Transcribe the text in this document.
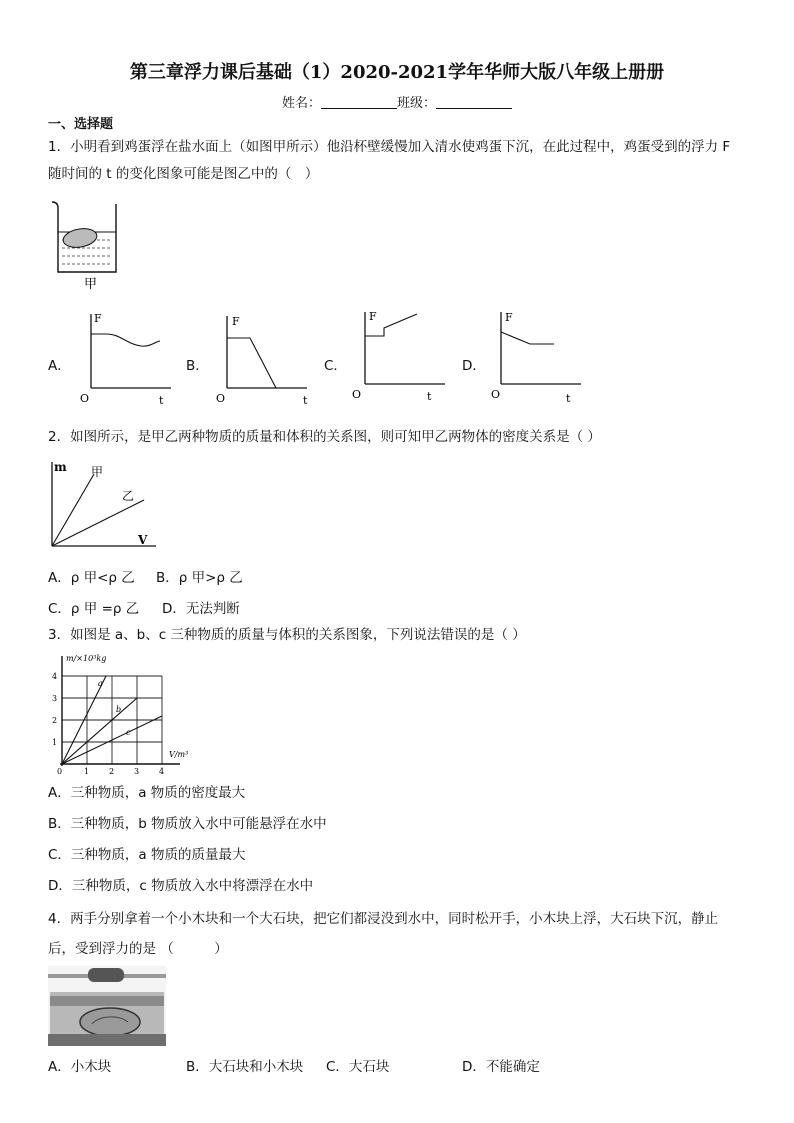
第三章浮力课后基础（1）2020-2021学年华师大版八年级上册册
姓名：	班级：
一、选择题
1．小明看到鸡蛋浮在盐水面上（如图甲所示）他沿杯壁缓慢加入清水使鸡蛋下沉，在此过程中，鸡蛋受到的浮力 F
随时间的 t 的变化图象可能是图乙中的（　）
甲
A．
F
O	t
B．
F
O	t
C．
F
O	t
D．
F
O	t
2．如图所示，是甲乙两种物质的质量和体积的关系图，则可知甲乙两物体的密度关系是（ ）
m 甲
乙
V
A．ρ 甲<ρ 乙 B．ρ 甲>ρ 乙
C．ρ 甲 =ρ 乙 D．无法判断
3．如图是 a、b、c 三种物质的质量与体积的关系图象，下列说法错误的是（ ）
m/×10³kg
V/m³
a
b
c
0	1 2 3 4
1
2
3
4
A．三种物质，a 物质的密度最大
B．三种物质，b 物质放入水中可能悬浮在水中
C．三种物质，a 物质的质量最大
D．三种物质，c 物质放入水中将漂浮在水中
4．两手分别拿着一个小木块和一个大石块，把它们都浸没到水中，同时松开手，小木块上浮，大石块下沉，静止
后，受到浮力的是 （　　　）
A．小木块	B．大石块和小木块 C．大石块	D．不能确定
